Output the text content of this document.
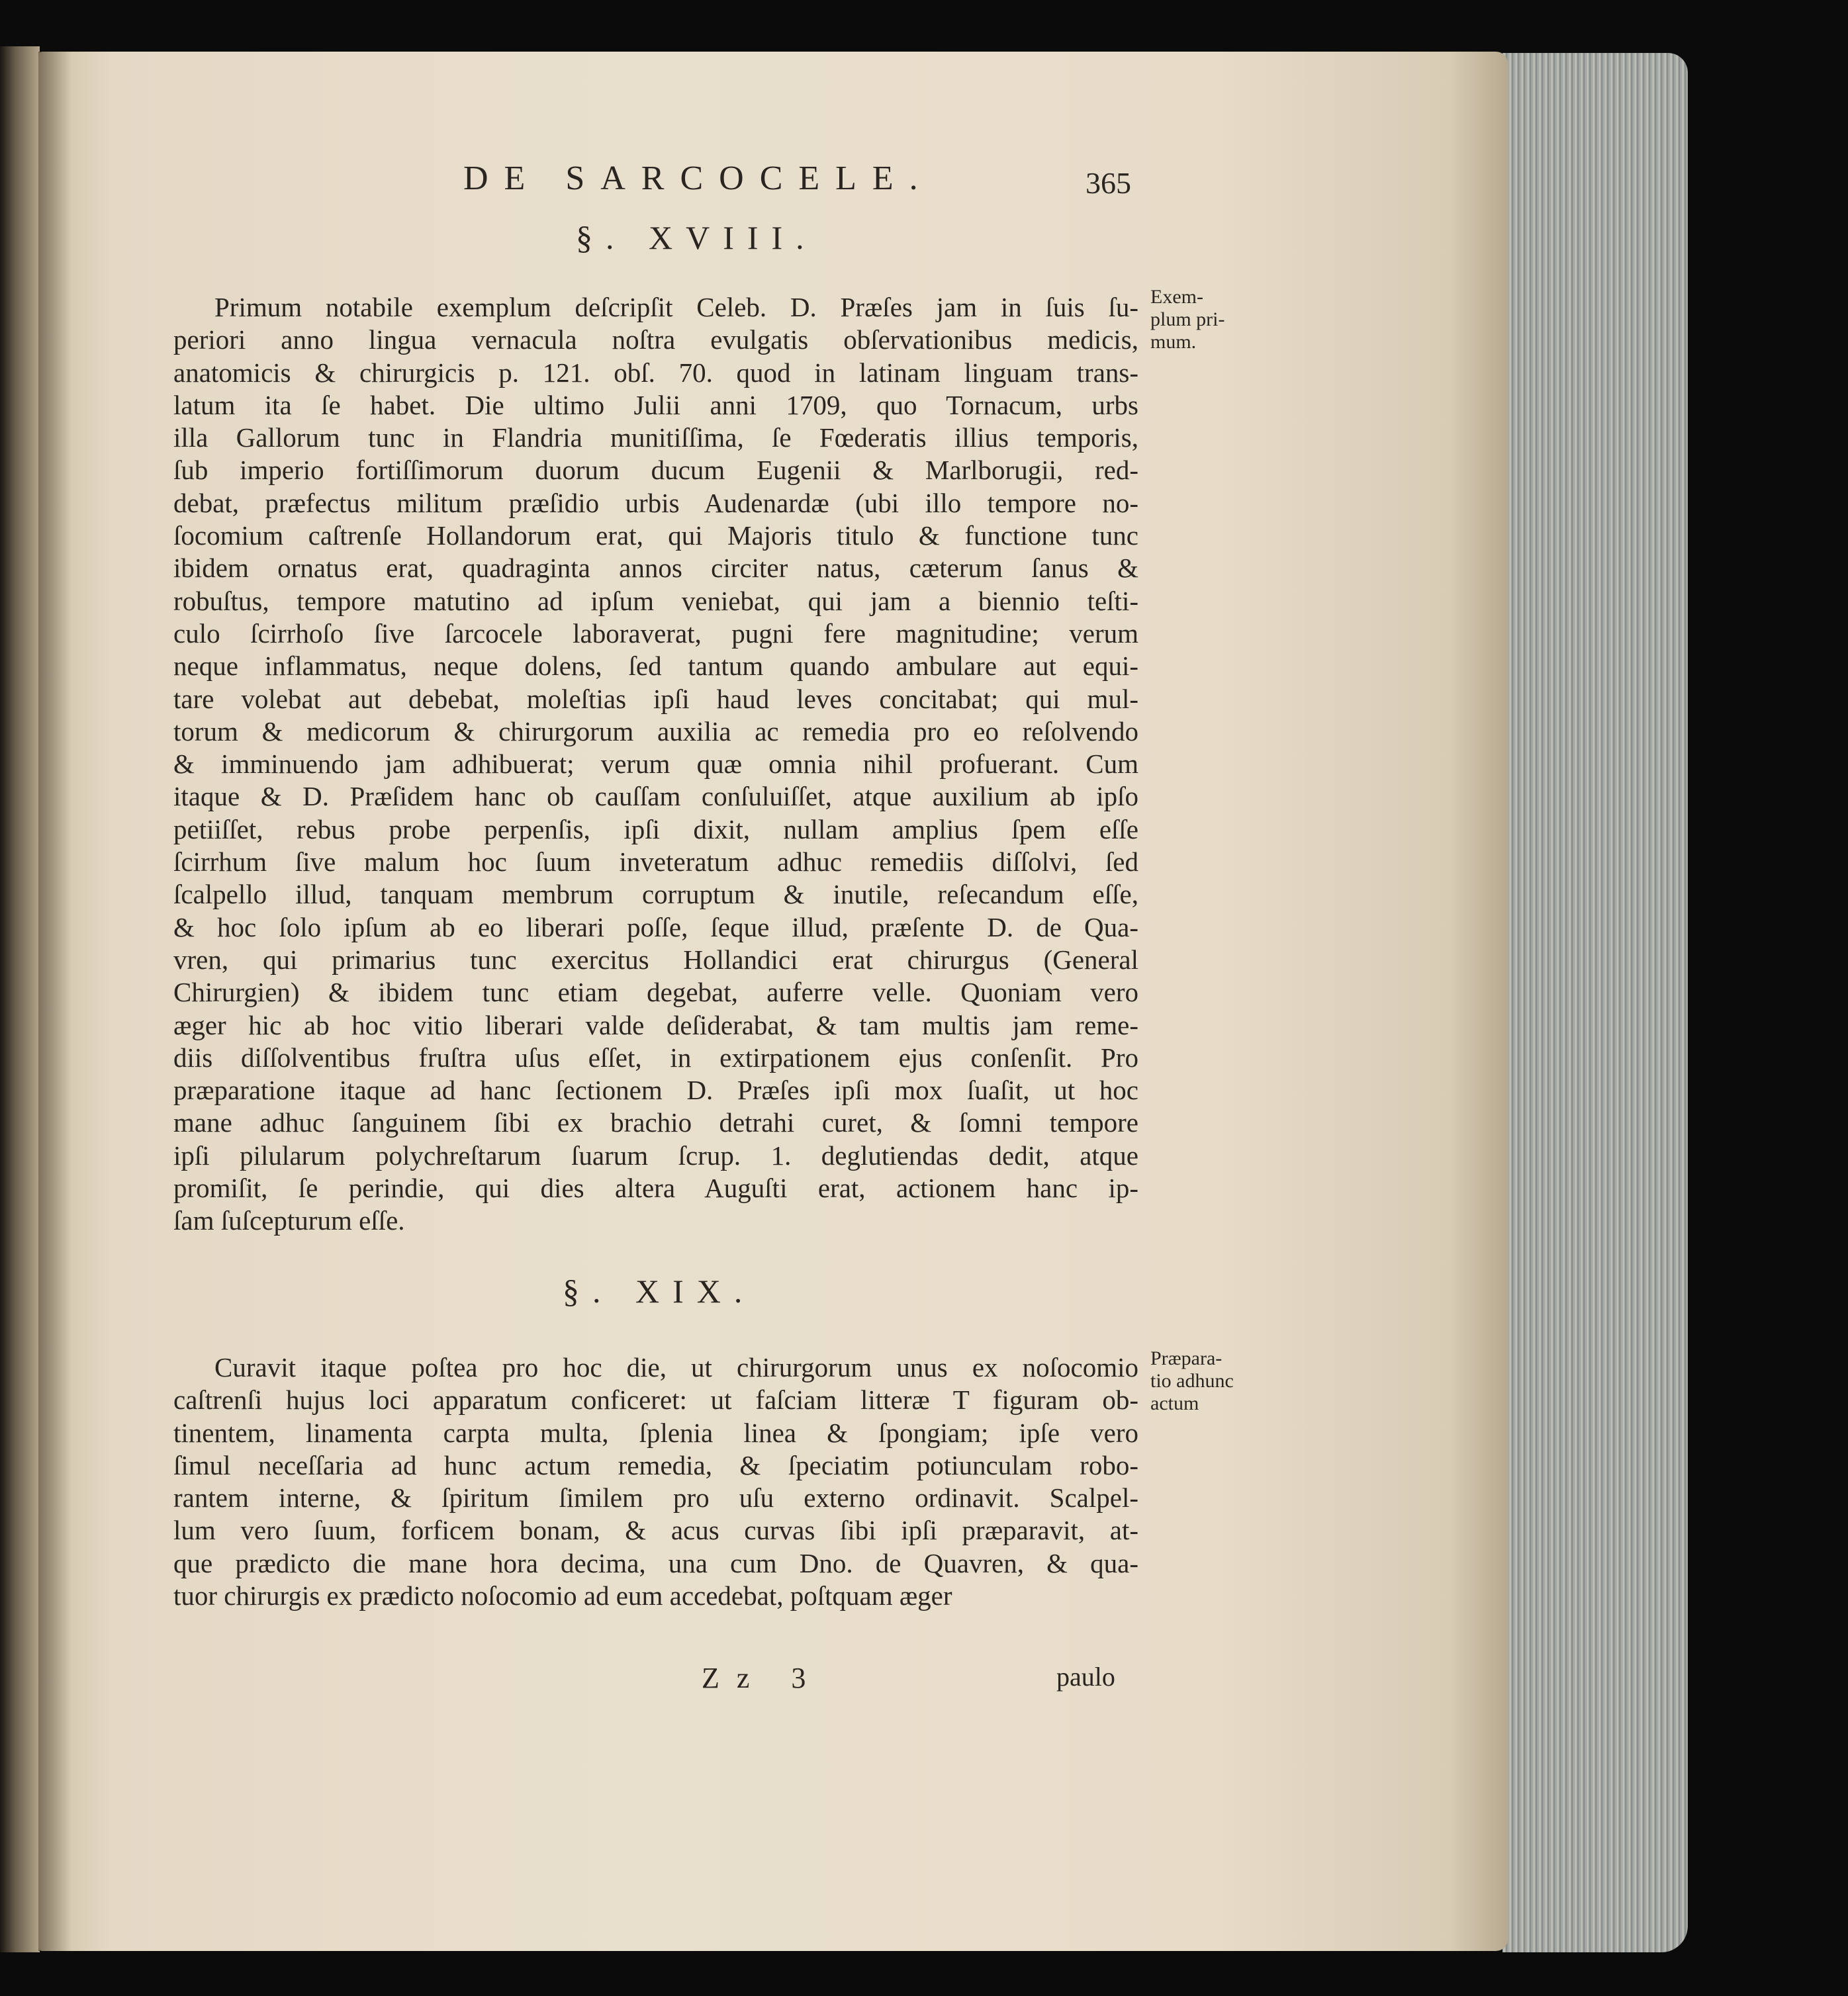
DE SARCOCELE.	365
§. XVIII.
Exem-
plum pri-
mum.
Primum notabile exemplum deſcripſit Celeb. D. Præſes jam in ſuis ſu-
periori anno lingua vernacula noſtra evulgatis obſervationibus medicis,
anatomicis & chirurgicis p. 121. obſ. 70. quod in latinam linguam trans-
latum ita ſe habet. Die ultimo Julii anni 1709, quo Tornacum, urbs
illa Gallorum tunc in Flandria munitiſſima, ſe Fœderatis illius temporis,
ſub imperio fortiſſimorum duorum ducum Eugenii & Marlborugii, red-
debat, præfectus militum præſidio urbis Audenardæ (ubi illo tempore no-
ſocomium caſtrenſe Hollandorum erat, qui Majoris titulo & functione tunc
ibidem ornatus erat, quadraginta annos circiter natus, cæterum ſanus &
robuſtus, tempore matutino ad ipſum veniebat, qui jam a biennio teſti-
culo ſcirrhoſo ſive ſarcocele laboraverat, pugni fere magnitudine; verum
neque inflammatus, neque dolens, ſed tantum quando ambulare aut equi-
tare volebat aut debebat, moleſtias ipſi haud leves concitabat; qui mul-
torum & medicorum & chirurgorum auxilia ac remedia pro eo reſolvendo
& imminuendo jam adhibuerat; verum quæ omnia nihil profuerant. Cum
itaque & D. Præſidem hanc ob cauſſam conſuluiſſet, atque auxilium ab ipſo
petiiſſet, rebus probe perpenſis, ipſi dixit, nullam amplius ſpem eſſe
ſcirrhum ſive malum hoc ſuum inveteratum adhuc remediis diſſolvi, ſed
ſcalpello illud, tanquam membrum corruptum & inutile, reſecandum eſſe,
& hoc ſolo ipſum ab eo liberari poſſe, ſeque illud, præſente D. de Qua-
vren, qui primarius tunc exercitus Hollandici erat chirurgus (General
Chirurgien) & ibidem tunc etiam degebat, auferre velle. Quoniam vero
æger hic ab hoc vitio liberari valde deſiderabat, & tam multis jam reme-
diis diſſolventibus fruſtra uſus eſſet, in extirpationem ejus conſenſit. Pro
præparatione itaque ad hanc ſectionem D. Præſes ipſi mox ſuaſit, ut hoc
mane adhuc ſanguinem ſibi ex brachio detrahi curet, & ſomni tempore
ipſi pilularum polychreſtarum ſuarum ſcrup. 1. deglutiendas dedit, atque
promiſit, ſe perindie, qui dies altera Auguſti erat, actionem hanc ip-
ſam ſuſcepturum eſſe.
§. XIX.
Præpara-
tio adhunc
actum
Curavit itaque poſtea pro hoc die, ut chirurgorum unus ex noſocomio
caſtrenſi hujus loci apparatum conficeret: ut faſciam litteræ T figuram ob-
tinentem, linamenta carpta multa, ſplenia linea & ſpongiam; ipſe vero
ſimul neceſſaria ad hunc actum remedia, & ſpeciatim potiunculam robo-
rantem interne, & ſpiritum ſimilem pro uſu externo ordinavit. Scalpel-
lum vero ſuum, forficem bonam, & acus curvas ſibi ipſi præparavit, at-
que prædicto die mane hora decima, una cum Dno. de Quavren, & qua-
tuor chirurgis ex prædicto noſocomio ad eum accedebat, poſtquam æger
Zz 3	paulo
